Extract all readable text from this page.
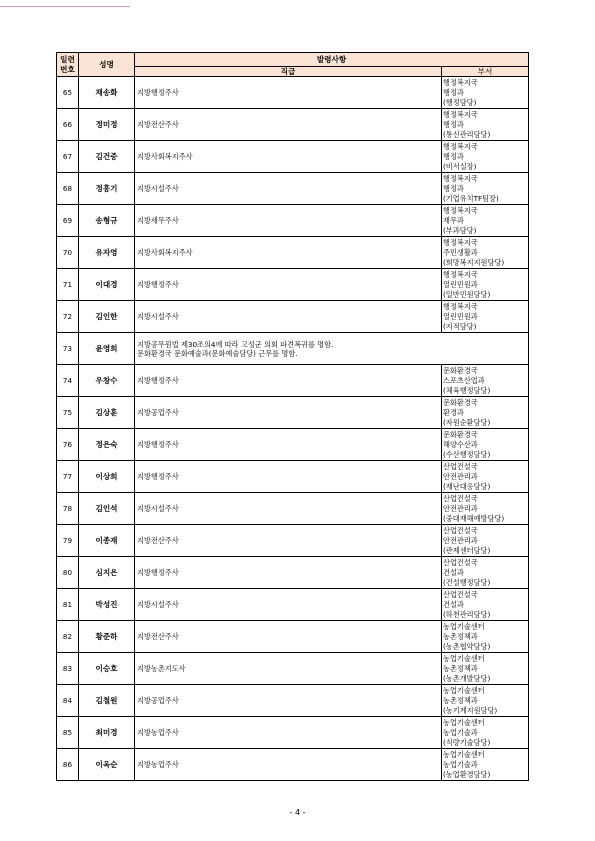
일련
번호	성명	발령사항	
		직급	부서
65	채송화	지방행정주사	행정복지국
행정과
(행정담당)

66	정미정	지방전산주사	행정복지국
행정과
(통신관리담당)

67	김건중	지방사회복지주사	행정복지국
행정과
(비서실장)

68	정흥기	지방시설주사	행정복지국
행정과
(기업유치TF팀장)

69	송형규	지방세무주사	행정복지국
재무과
(부과담당)

70	유자영	지방사회복지주사	행정복지국
주민생활과
(희망복지지원담당)

71	이대경	지방행정주사	행정복지국
열린민원과
(일반민원담당)

72	김인한	지방시설주사	행정복지국
열린민원과
(지적담당)

73	윤영희	지방공무원법 제30조의4에 따라 고성군 의회 파견복귀를 명함.
문화환경국 문화예술과(문화예술담당) 근무를 명함.	
74	우창수	지방행정주사	문화환경국
스포츠산업과
(체육행정담당)

75	김상훈	지방공업주사	문화환경국
환경과
(자원순환담당)

76	정은숙	지방행정주사	문화환경국
해양수산과
(수산행정담당)

77	이상희	지방행정주사	산업건설국
안전관리과
(재난대응담당)

78	김인석	지방시설주사	산업건설국
안전관리과
(중대재해예방담당)

79	이종재	지방전산주사	산업건설국
안전관리과
(관제센터담당)

80	심지은	지방행정주사	산업건설국
건설과
(건설행정담당)

81	박성진	지방시설주사	산업건설국
건설과
(하천관리담당)

82	황준하	지방전산주사	농업기술센터
농촌정책과
(농촌협약담당)

83	이승호	지방농촌지도사	농업기술센터
농촌정책과
(농촌개발담당)

84	김철원	지방공업주사	농업기술센터
농촌정책과
(농기계지원담당)

85	최미경	지방농업주사	농업기술센터
농업기술과
(식량기술담당)

86	이옥순	지방농업주사	농업기술센터
농업기술과
(농업환경담당)
- 4 -
